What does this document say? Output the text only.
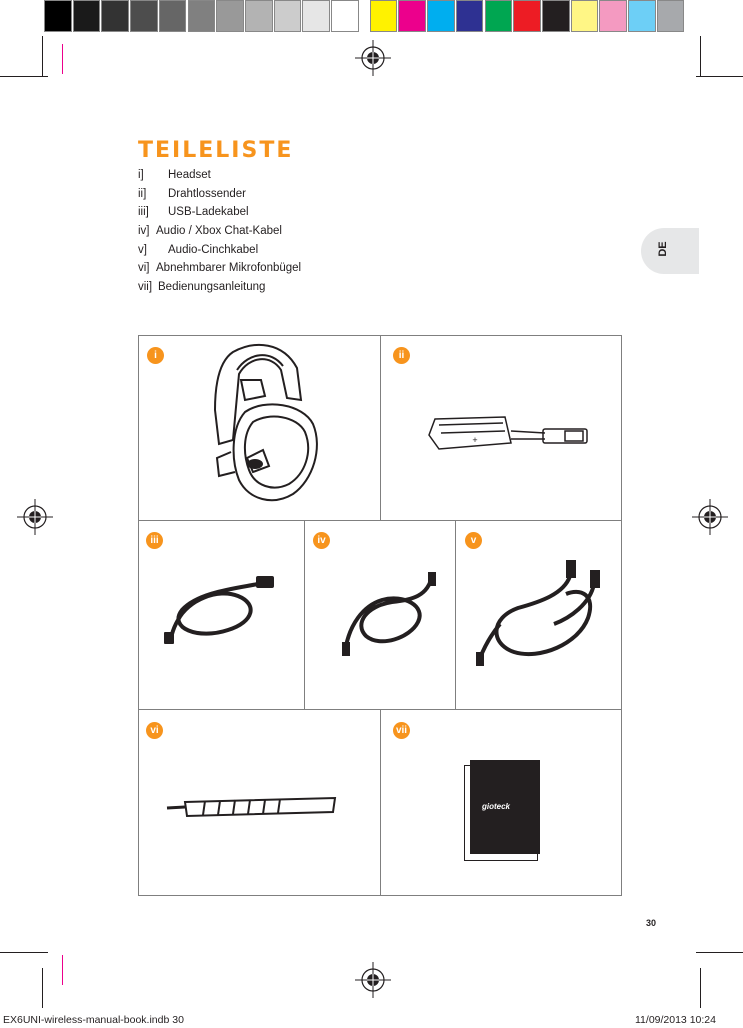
DE
TEILELISTE
i] Headset
ii] Drahtlossender
iii] USB-Ladekabel
iv] Audio / Xbox Chat-Kabel
v] Audio-Cinchkabel
vi] Abnehmbarer Mikrofonbügel
vii] Bedienungsanleitung
i	ii
iii	iv	v
vi	vii
+
gioteck
30
EX6UNI-wireless-manual-book.indb 30	11/09/2013 10:24
